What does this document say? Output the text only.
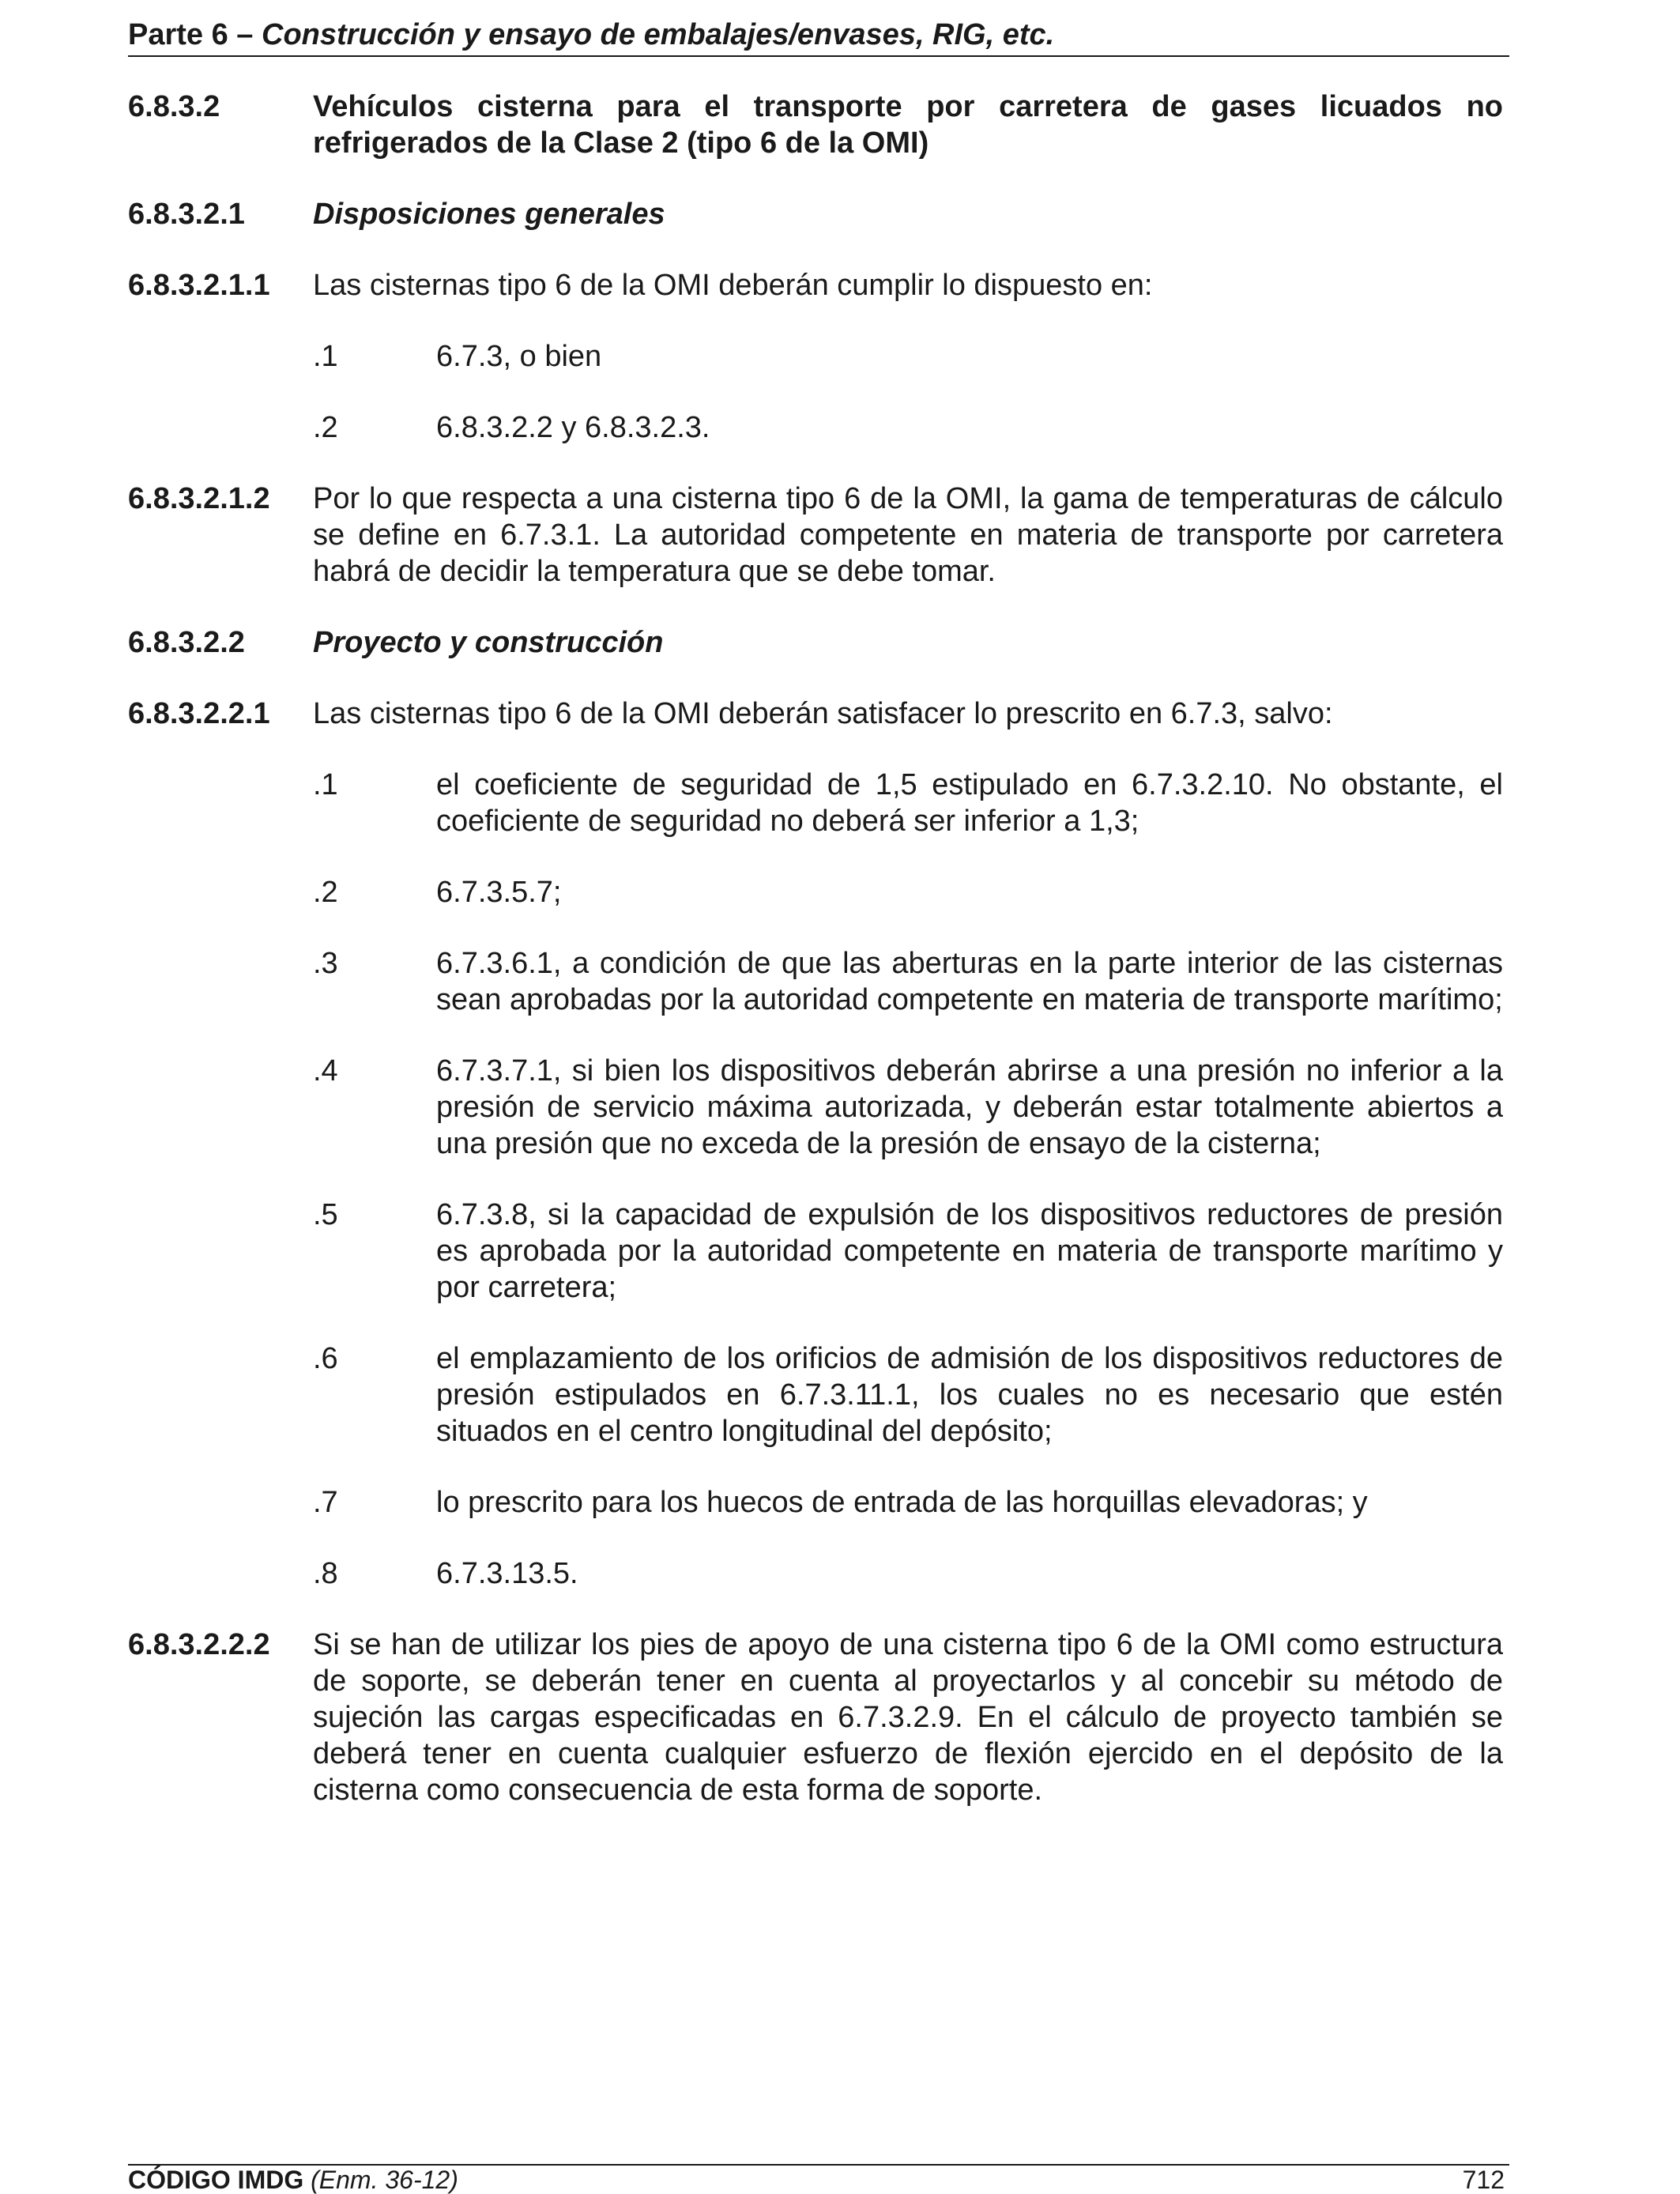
Parte 6 – Construcción y ensayo de embalajes/envases, RIG, etc.
6.8.3.2	Vehículos cisterna para el transporte por carretera de gases licuados no refrigerados de la Clase 2 (tipo 6 de la OMI)
6.8.3.2.1 Disposiciones generales
6.8.3.2.1.1 Las cisternas tipo 6 de la OMI deberán cumplir lo dispuesto en:
.1	6.7.3, o bien
.2	6.8.3.2.2 y 6.8.3.2.3.
6.8.3.2.1.2 Por lo que respecta a una cisterna tipo 6 de la OMI, la gama de temperaturas de cálculo se define en 6.7.3.1. La autoridad competente en materia de transporte por carretera habrá de decidir la temperatura que se debe tomar.
6.8.3.2.2 Proyecto y construcción
6.8.3.2.2.1 Las cisternas tipo 6 de la OMI deberán satisfacer lo prescrito en 6.7.3, salvo:
.1	el coeficiente de seguridad de 1,5 estipulado en 6.7.3.2.10. No obstante, el coeficiente de seguridad no deberá ser inferior a 1,3;
.2	6.7.3.5.7;
.3	6.7.3.6.1, a condición de que las aberturas en la parte interior de las cisternas sean aprobadas por la autoridad competente en materia de transporte marítimo;
.4	6.7.3.7.1, si bien los dispositivos deberán abrirse a una presión no inferior a la presión de servicio máxima autorizada, y deberán estar totalmente abiertos a una presión que no exceda de la presión de ensayo de la cisterna;
.5	6.7.3.8, si la capacidad de expulsión de los dispositivos reductores de presión es aprobada por la autoridad competente en materia de transporte marítimo y por carretera;
.6	el emplazamiento de los orificios de admisión de los dispositivos reductores de presión estipulados en 6.7.3.11.1, los cuales no es necesario que estén situados en el centro longitudinal del depósito;
.7	lo prescrito para los huecos de entrada de las horquillas elevadoras; y
.8	6.7.3.13.5.
6.8.3.2.2.2 Si se han de utilizar los pies de apoyo de una cisterna tipo 6 de la OMI como estructura de soporte, se deberán tener en cuenta al proyectarlos y al concebir su método de sujeción las cargas especificadas en 6.7.3.2.9. En el cálculo de proyecto también se deberá tener en cuenta cualquier esfuerzo de flexión ejercido en el depósito de la cisterna como consecuencia de esta forma de soporte.
CÓDIGO IMDG (Enm. 36-12)	712
